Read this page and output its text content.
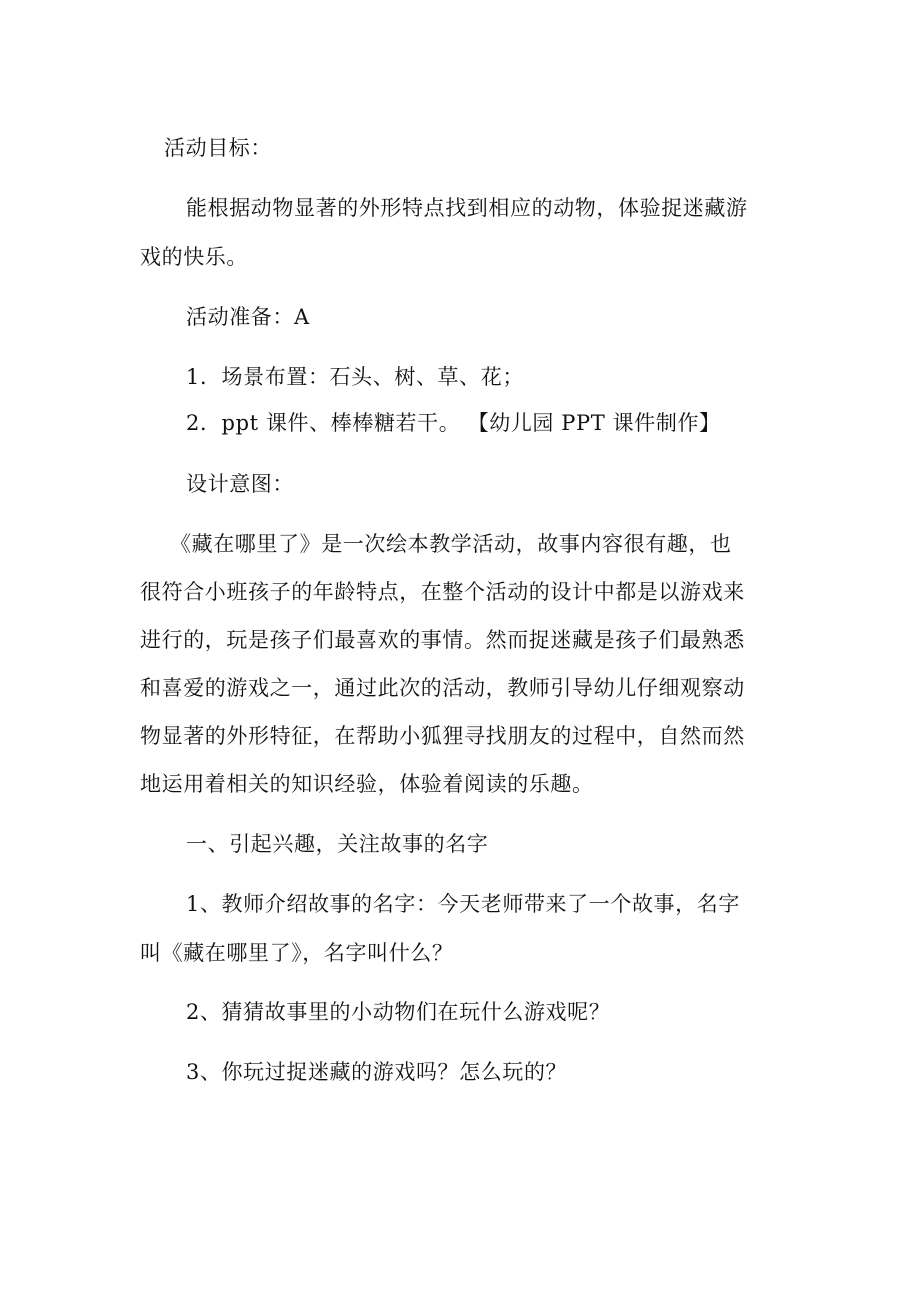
活动目标：
能根据动物显著的外形特点找到相应的动物，体验捉迷藏游
戏的快乐。
活动准备：A
1．场景布置：石头、树、草、花；
2．ppt 课件、棒棒糖若干。 【幼儿园 PPT 课件制作】
设计意图：
《藏在哪里了》是一次绘本教学活动，故事内容很有趣，也
很符合小班孩子的年龄特点，在整个活动的设计中都是以游戏来
进行的，玩是孩子们最喜欢的事情。然而捉迷藏是孩子们最熟悉
和喜爱的游戏之一，通过此次的活动，教师引导幼儿仔细观察动
物显著的外形特征，在帮助小狐狸寻找朋友的过程中，自然而然
地运用着相关的知识经验，体验着阅读的乐趣。
一、引起兴趣，关注故事的名字
1、教师介绍故事的名字：今天老师带来了一个故事，名字
叫《藏在哪里了》，名字叫什么？
2、猜猜故事里的小动物们在玩什么游戏呢？
3、你玩过捉迷藏的游戏吗？怎么玩的？
